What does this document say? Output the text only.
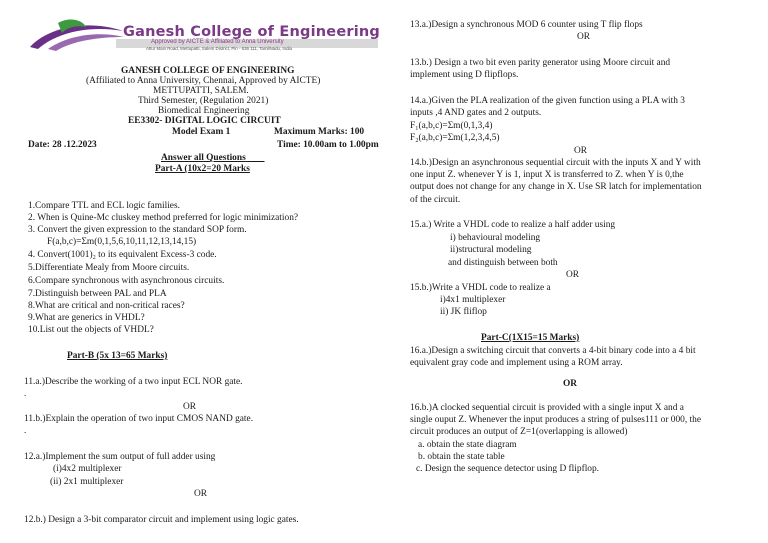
Ganesh College of Engineering
Approved by AICTE & Affiliated to Anna University
Attur Main Road, Mettupatti, Salem District, Pin - 636 111, TamilNadu, India
GANESH COLLEGE OF ENGINEERING
(Affiliated to Anna University, Chennai, Approved by AICTE)
METTUPATTI, SALEM.
Third Semester, (Regulation 2021)
Biomedical Engineering
EE3302- DIGITAL LOGIC CIRCUIT
Model Exam 1	Maximum Marks: 100
Date: 28 .12.2023	Time: 10.00am to 1.00pm
Answer all Questions
Part-A (10x2=20 Marks
1.Compare TTL and ECL logic families.
2. When is Quine-Mc cluskey method preferred for logic minimization?
3. Convert the given expression to the standard SOP form.
F(a,b,c)=Σm(0,1,5,6,10,11,12,13,14,15)
4. Convert(1001)₂ to its equivalent Excess-3 code.
5.Differentiate Mealy from Moore circuits.
6.Compare synchronous with asynchronous circuits.
7.Distinguish between PAL and PLA
8.What are critical and non-critical races?
9.What are generics in VHDL?
10.List out the objects of VHDL?
Part-B (5x 13=65 Marks)
11.a.)Describe the working of a two input ECL NOR gate.
.
OR
11.b.)Explain the operation of two input CMOS NAND gate.
.
12.a.)Implement the sum output of full adder using
(i)4x2 multiplexer
(ii) 2x1 multiplexer
OR
12.b.) Design a 3-bit comparator circuit and implement using logic gates.
13.a.)Design a synchronous MOD 6 counter using T flip flops
OR
13.b.) Design a two bit even parity generator using Moore circuit and
implement using D flipflops.
14.a.)Given the PLA realization of the given function using a PLA with 3
inputs ,4 AND gates and 2 outputs.
F₁(a,b,c)=Σm(0,1,3,4)
F₂(a,b,c)=Σm(1,2,3,4,5)
OR
14.b.)Design an asynchronous sequential circuit with the inputs X and Y with
one input Z. whenever Y is 1, input X is transferred to Z. when Y is 0,the
output does not change for any change in X. Use SR latch for implementation
of the circuit.
15.a.) Write a VHDL code to realize a half adder using
i) behavioural modeling
ii)structural modeling
and distinguish between both
OR
15.b.)Write a VHDL code to realize a
i)4x1 multiplexer
ii) JK fliflop
Part-C(1X15=15 Marks)
16.a.)Design a switching circuit that converts a 4-bit binary code into a 4 bit
equivalent gray code and implement using a ROM array.
OR
16.b.)A clocked sequential circuit is provided with a single input X and a
single ouput Z. Whenever the input produces a string of pulses111 or 000, the
circuit produces an output of Z=1(overlapping is allowed)
a. obtain the state diagram
b. obtain the state table
c. Design the sequence detector using D flipflop.
